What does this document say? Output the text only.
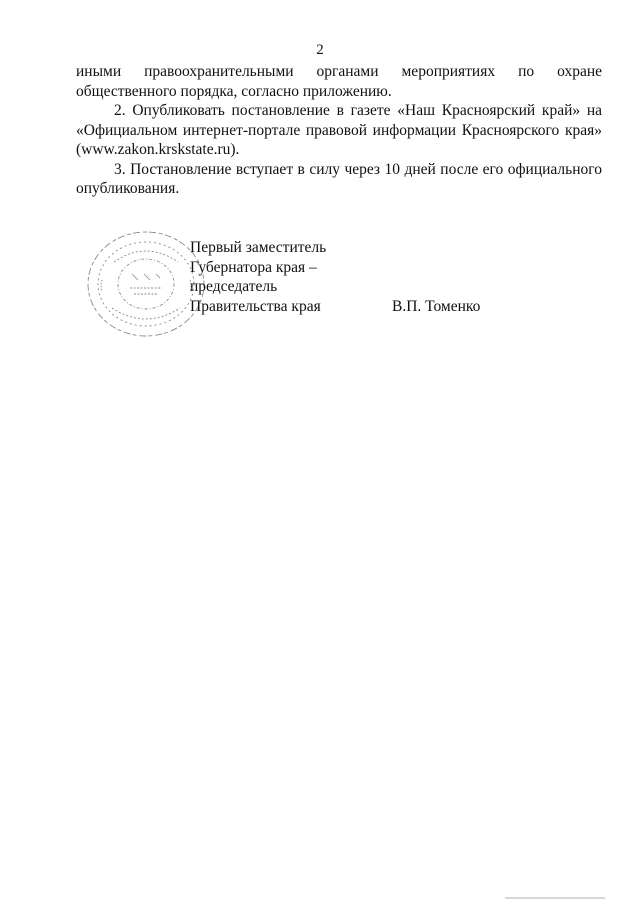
2

иными правоохранительными органами мероприятиях по охране общественного порядка, согласно приложению.

2. Опубликовать постановление в газете «Наш Красноярский край» на «Официальном интернет-портале правовой информации Красноярского края» (www.zakon.krskstate.ru).

3. Постановление вступает в силу через 10 дней после его официального опубликования.

Первый заместитель
Губернатора края –
председатель
Правительства края	В.П. Томенко
